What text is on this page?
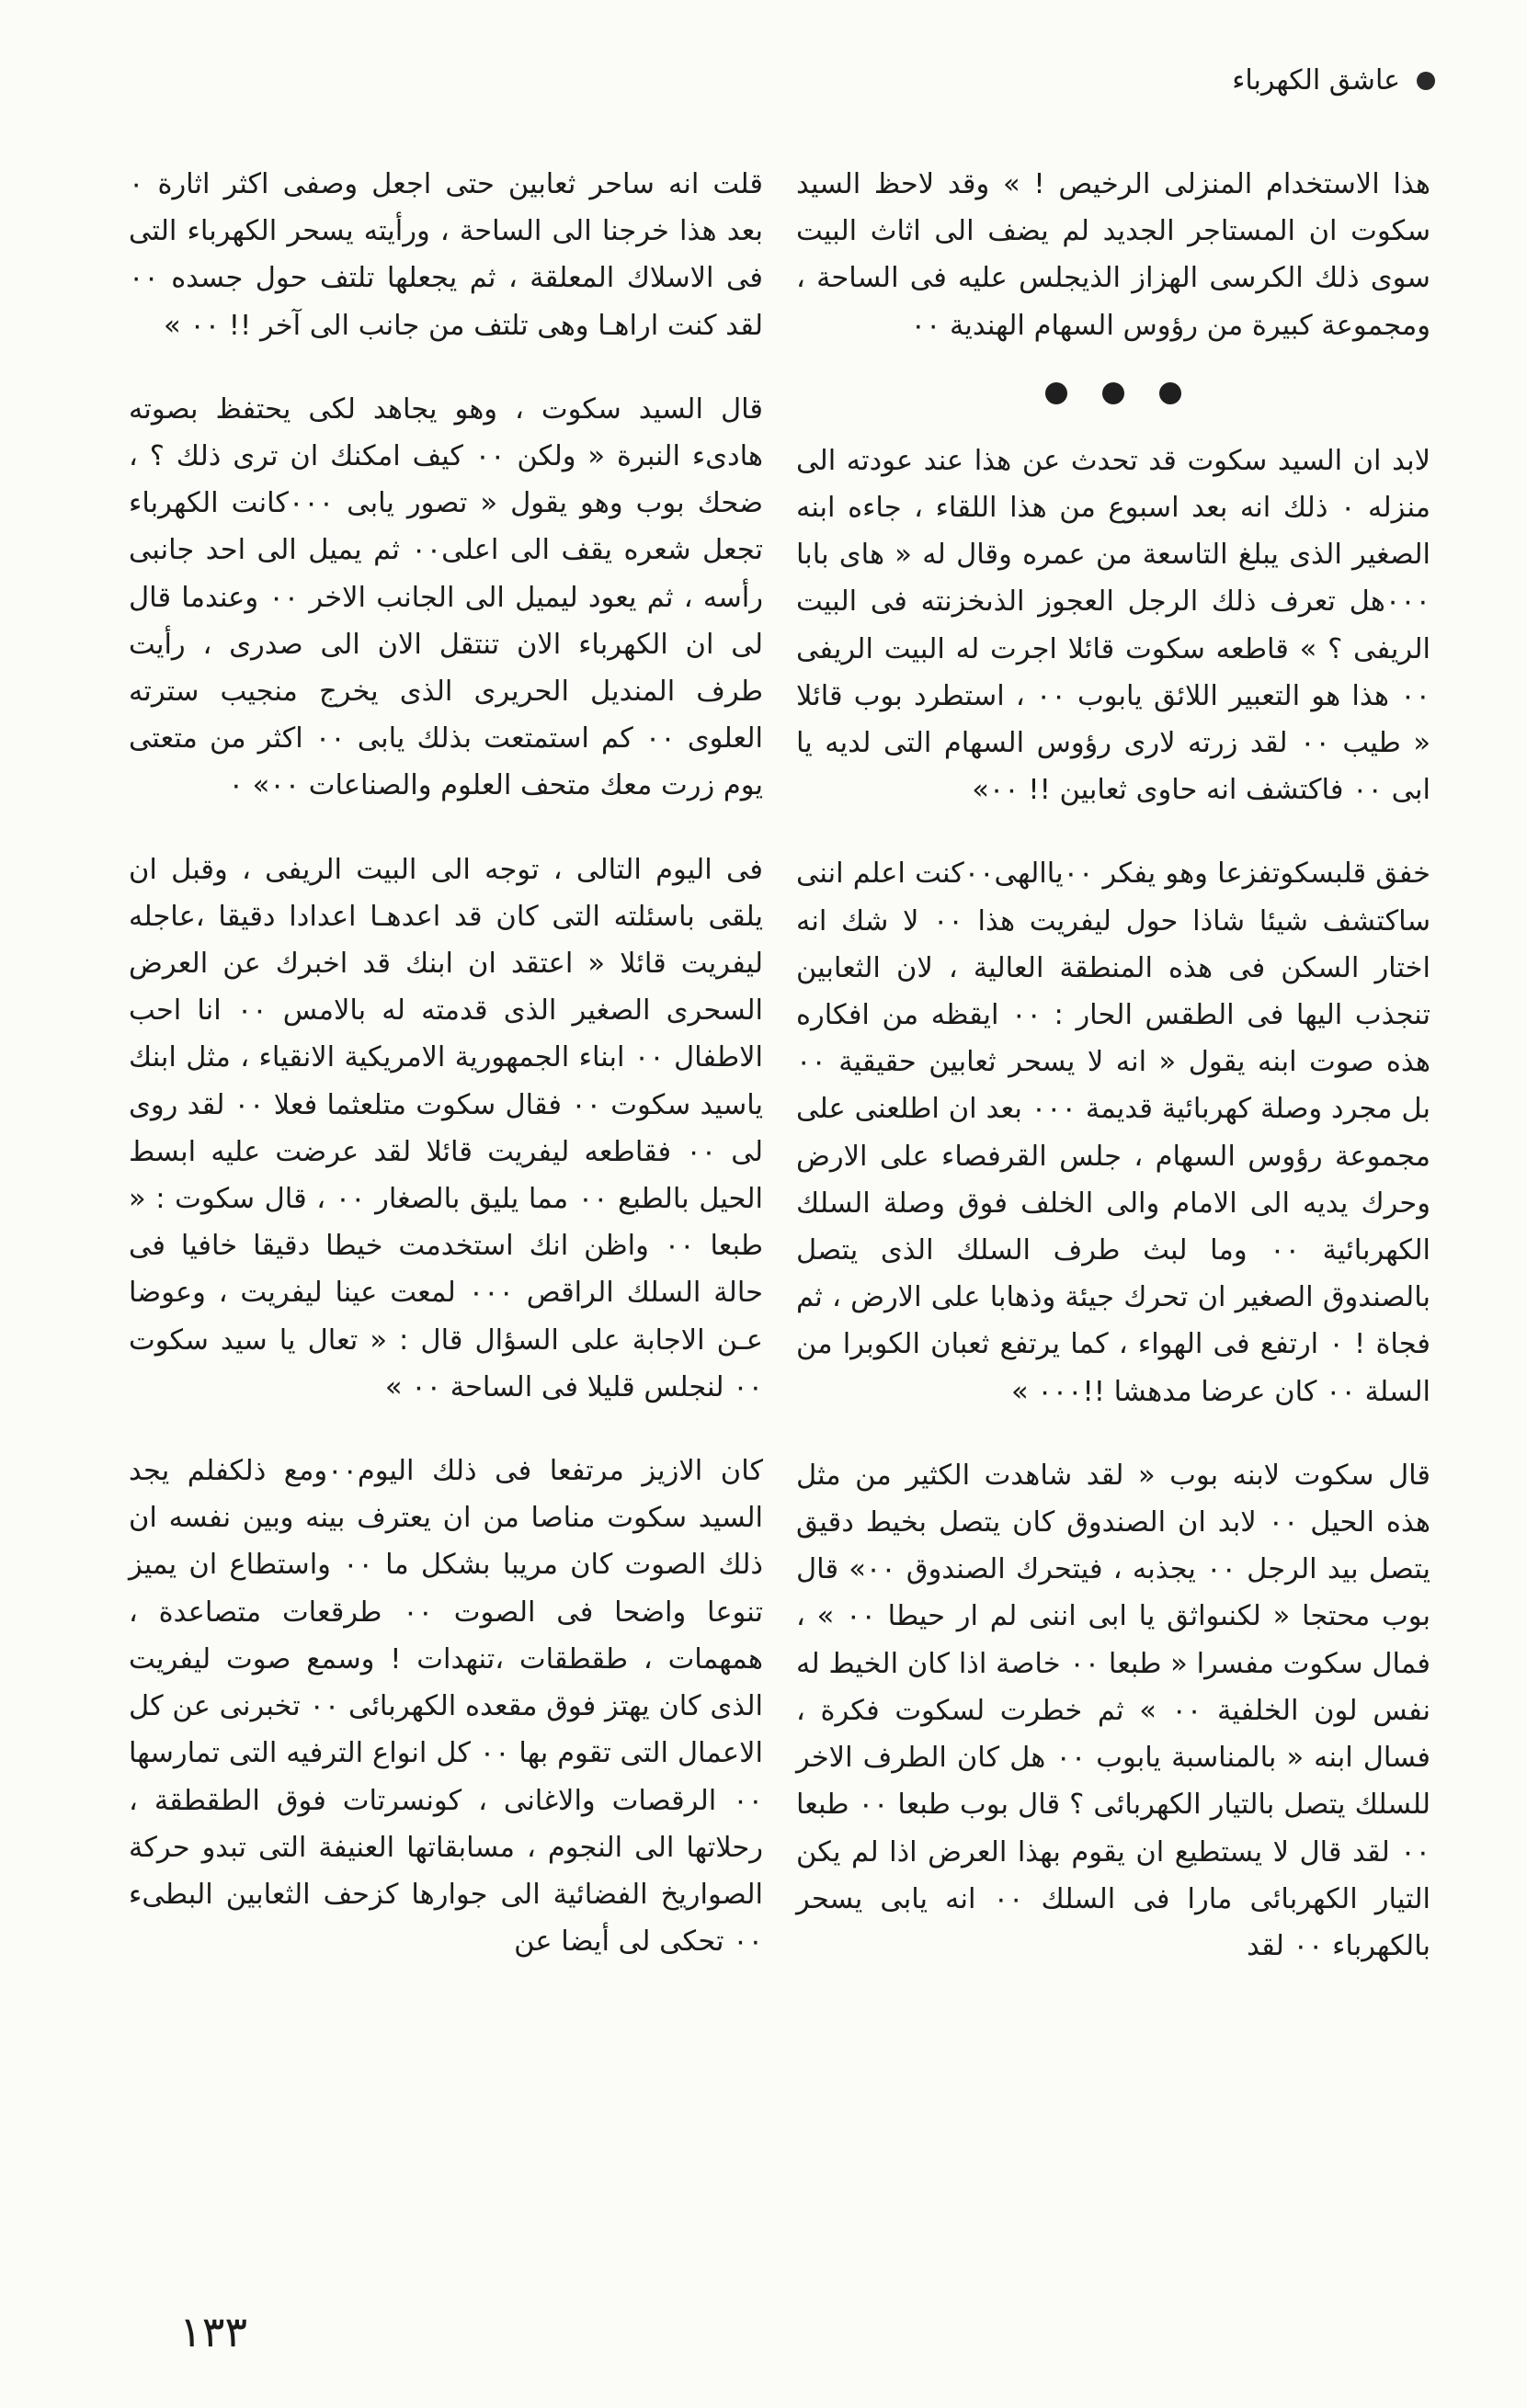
عاشق الكهرباء

هذا الاستخدام المنزلى الرخيص ! » وقد لاحظ السيد سكوت ان المستاجر الجديد لم يضف الى اثاث البيت سوى ذلك الكرسى الهزاز الذيجلس عليه فى الساحة ، ومجموعة كبيرة من رؤوس السهام الهندية ٠٠

لابد ان السيد سكوت قد تحدث عن هذا عند عودته الى منزله ٠ ذلك انه بعد اسبوع من هذا اللقاء ، جاءه ابنه الصغير الذى يبلغ التاسعة من عمره وقال له « هاى بابا ٠٠٠هل تعرف ذلك الرجل العجوز الذىخزنته فى البيت الريفى ؟ » قاطعه سكوت قائلا اجرت له البيت الريفى ٠٠ هذا هو التعبير اللائق يابوب ٠٠ ، استطرد بوب قائلا « طيب ٠٠ لقد زرته لارى رؤوس السهام التى لديه يا ابى ٠٠ فاكتشف انه حاوى ثعابين !! ٠٠»

خفق قلبسكوتفزعا وهو يفكر ٠٠ياالهى٠٠كنت اعلم اننى ساكتشف شيئا شاذا حول ليفريت هذا ٠٠ لا شك انه اختار السكن فى هذه المنطقة العالية ، لان الثعابين تنجذب اليها فى الطقس الحار : ٠٠ ايقظه من افكاره هذه صوت ابنه يقول « انه لا يسحر ثعابين حقيقية ٠٠ بل مجرد وصلة كهربائية قديمة ٠٠٠ بعد ان اطلعنى على مجموعة رؤوس السهام ، جلس القرفصاء على الارض وحرك يديه الى الامام والى الخلف فوق وصلة السلك الكهربائية ٠٠ وما لبث طرف السلك الذى يتصل بالصندوق الصغير ان تحرك جيئة وذهابا على الارض ، ثم فجاة ! ٠ ارتفع فى الهواء ، كما يرتفع ثعبان الكوبرا من السلة ٠٠ كان عرضا مدهشا !!٠٠٠ »

قال سكوت لابنه بوب « لقد شاهدت الكثير من مثل هذه الحيل ٠٠ لابد ان الصندوق كان يتصل بخيط دقيق يتصل بيد الرجل ٠٠ يجذبه ، فيتحرك الصندوق ٠٠» قال بوب محتجا « لكنىواثق يا ابى اننى لم ار حيطا ٠٠ » ، فمال سكوت مفسرا « طبعا ٠٠ خاصة اذا كان الخيط له نفس لون الخلفية ٠٠ » ثم خطرت لسكوت فكرة ، فسال ابنه « بالمناسبة يابوب ٠٠ هل كان الطرف الاخر للسلك يتصل بالتيار الكهربائى ؟ قال بوب طبعا ٠٠ طبعا ٠٠ لقد قال لا يستطيع ان يقوم بهذا العرض اذا لم يكن التيار الكهربائى مارا فى السلك ٠٠ انه يابى يسحر بالكهرباء ٠٠ لقد

قلت انه ساحر ثعابين حتى اجعل وصفى اكثر اثارة ٠ بعد هذا خرجنا الى الساحة ، ورأيته يسحر الكهرباء التى فى الاسلاك المعلقة ، ثم يجعلها تلتف حول جسده ٠٠ لقد كنت اراهـا وهى تلتف من جانب الى آخر !! ٠٠ »

قال السيد سكوت ، وهو يجاهد لكى يحتفظ بصوته هادىء النبرة « ولكن ٠٠ كيف امكنك ان ترى ذلك ؟ ، ضحك بوب وهو يقول « تصور يابى ٠٠٠كانت الكهرباء تجعل شعره يقف الى اعلى٠٠ ثم يميل الى احد جانبى رأسه ، ثم يعود ليميل الى الجانب الاخر ٠٠ وعندما قال لى ان الكهرباء الان تنتقل الان الى صدرى ، رأيت طرف المنديل الحريرى الذى يخرج منجيب سترته العلوى ٠٠ كم استمتعت بذلك يابى ٠٠ اكثر من متعتى يوم زرت معك متحف العلوم والصناعات ٠٠» ٠

فى اليوم التالى ، توجه الى البيت الريفى ، وقبل ان يلقى باسئلته التى كان قد اعدهـا اعدادا دقيقا ،عاجله ليفريت قائلا « اعتقد ان ابنك قد اخبرك عن العرض السحرى الصغير الذى قدمته له بالامس ٠٠ انا احب الاطفال ٠٠ ابناء الجمهورية الامريكية الانقياء ، مثل ابنك ياسيد سكوت ٠٠ فقال سكوت متلعثما فعلا ٠٠ لقد روى لى ٠٠ فقاطعه ليفريت قائلا لقد عرضت عليه ابسط الحيل بالطبع ٠٠ مما يليق بالصغار ٠٠ ، قال سكوت : « طبعا ٠٠ واظن انك استخدمت خيطا دقيقا خافيا فى حالة السلك الراقص ٠٠٠ لمعت عينا ليفريت ، وعوضا عـن الاجابة على السؤال قال : « تعال يا سيد سكوت ٠٠ لنجلس قليلا فى الساحة ٠٠ »

كان الازيز مرتفعا فى ذلك اليوم٠٠ومع ذلكفلم يجد السيد سكوت مناصا من ان يعترف بينه وبين نفسه ان ذلك الصوت كان مريبا بشكل ما ٠٠ واستطاع ان يميز تنوعا واضحا فى الصوت ٠٠ طرقعات متصاعدة ، همهمات ، طقطقات ،تنهدات ! وسمع صوت ليفريت الذى كان يهتز فوق مقعده الكهربائى ٠٠ تخبرنى عن كل الاعمال التى تقوم بها ٠٠ كل انواع الترفيه التى تمارسها ٠٠ الرقصات والاغانى ، كونسرتات فوق الطقطقة ، رحلاتها الى النجوم ، مسابقاتها العنيفة التى تبدو حركة الصواريخ الفضائية الى جوارها كزحف الثعابين البطىء ٠٠ تحكى لى أيضا عن

١٣٣
